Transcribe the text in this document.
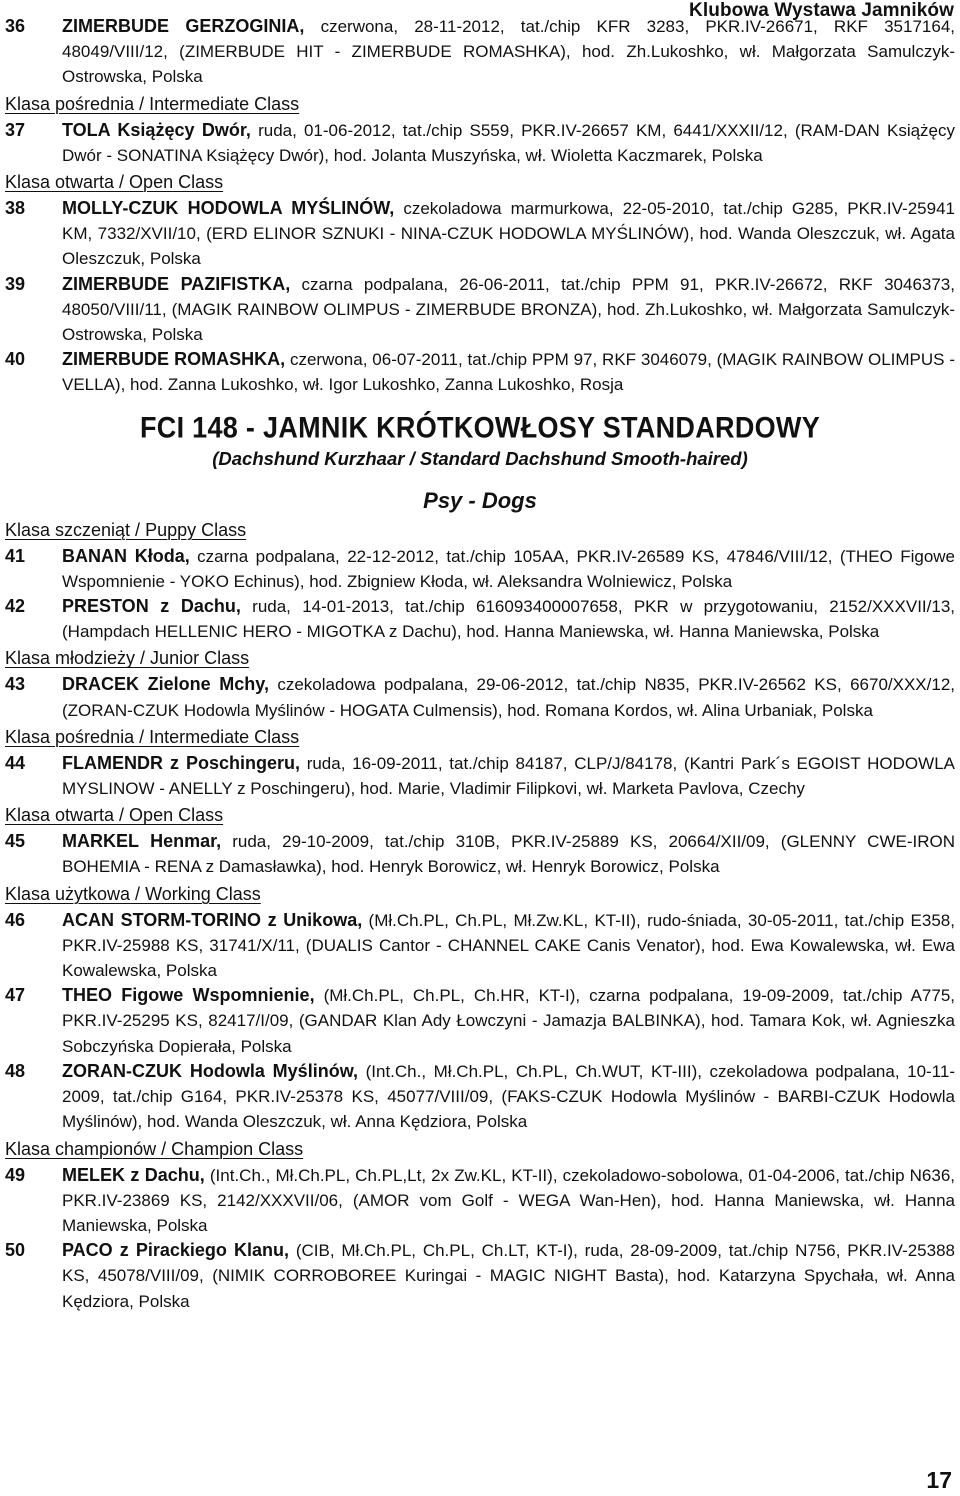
Klubowa Wystawa Jamników
36	ZIMERBUDE GERZOGINIA, czerwona, 28-11-2012, tat./chip KFR 3283, PKR.IV-26671, RKF 3517164, 48049/VIII/12, (ZIMERBUDE HIT - ZIMERBUDE ROMASHKA), hod. Zh.Lukoshko, wł. Małgorzata Samulczyk-Ostrowska, Polska
Klasa pośrednia / Intermediate Class
37	TOLA Książęcy Dwór, ruda, 01-06-2012, tat./chip S559, PKR.IV-26657 KM, 6441/XXXII/12, (RAM-DAN Książęcy Dwór - SONATINA Książęcy Dwór), hod. Jolanta Muszyńska, wł. Wioletta Kaczmarek, Polska
Klasa otwarta / Open Class
38	MOLLY-CZUK HODOWLA MYŚLINÓW, czekoladowa marmurkowa, 22-05-2010, tat./chip G285, PKR.IV-25941 KM, 7332/XVII/10, (ERD ELINOR SZNUKI - NINA-CZUK HODOWLA MYŚLINÓW), hod. Wanda Oleszczuk, wł. Agata Oleszczuk, Polska
39	ZIMERBUDE PAZIFISTKA, czarna podpalana, 26-06-2011, tat./chip PPM 91, PKR.IV-26672, RKF 3046373, 48050/VIII/11, (MAGIK RAINBOW OLIMPUS - ZIMERBUDE BRONZA), hod. Zh.Lukoshko, wł. Małgorzata Samulczyk-Ostrowska, Polska
40	ZIMERBUDE ROMASHKA, czerwona, 06-07-2011, tat./chip PPM 97, RKF 3046079, (MAGIK RAINBOW OLIMPUS - VELLA), hod. Zanna Lukoshko, wł. Igor Lukoshko, Zanna Lukoshko, Rosja
FCI 148 - JAMNIK KRÓTKOWŁOSY STANDARDOWY
(Dachshund Kurzhaar / Standard Dachshund Smooth-haired)
Psy - Dogs
Klasa szczeniąt / Puppy Class
41	BANAN Kłoda, czarna podpalana, 22-12-2012, tat./chip 105AA, PKR.IV-26589 KS, 47846/VIII/12, (THEO Figowe Wspomnienie - YOKO Echinus), hod. Zbigniew Kłoda, wł. Aleksandra Wolniewicz, Polska
42	PRESTON z Dachu, ruda, 14-01-2013, tat./chip 616093400007658, PKR w przygotowaniu, 2152/XXXVII/13, (Hampdach HELLENIC HERO - MIGOTKA z Dachu), hod. Hanna Maniewska, wł. Hanna Maniewska, Polska
Klasa młodzieży / Junior Class
43	DRACEK Zielone Mchy, czekoladowa podpalana, 29-06-2012, tat./chip N835, PKR.IV-26562 KS, 6670/XXX/12, (ZORAN-CZUK Hodowla Myślinów - HOGATA Culmensis), hod. Romana Kordos, wł. Alina Urbaniak, Polska
Klasa pośrednia / Intermediate Class
44	FLAMENDR z Poschingeru, ruda, 16-09-2011, tat./chip 84187, CLP/J/84178, (Kantri Park´s EGOIST HODOWLA MYSLINOW - ANELLY z Poschingeru), hod. Marie, Vladimir Filipkovi, wł. Marketa Pavlova, Czechy
Klasa otwarta / Open Class
45	MARKEL Henmar, ruda, 29-10-2009, tat./chip 310B, PKR.IV-25889 KS, 20664/XII/09, (GLENNY CWE-IRON BOHEMIA - RENA z Damasławka), hod. Henryk Borowicz, wł. Henryk Borowicz, Polska
Klasa użytkowa / Working Class
46	ACAN STORM-TORINO z Unikowa, (Mł.Ch.PL, Ch.PL, Mł.Zw.KL, KT-II), rudo-śniada, 30-05-2011, tat./chip E358, PKR.IV-25988 KS, 31741/X/11, (DUALIS Cantor - CHANNEL CAKE Canis Venator), hod. Ewa Kowalewska, wł. Ewa Kowalewska, Polska
47	THEO Figowe Wspomnienie, (Mł.Ch.PL, Ch.PL, Ch.HR, KT-I), czarna podpalana, 19-09-2009, tat./chip A775, PKR.IV-25295 KS, 82417/I/09, (GANDAR Klan Ady Łowczyni - Jamazja BALBINKA), hod. Tamara Kok, wł. Agnieszka Sobczyńska Dopierała, Polska
48	ZORAN-CZUK Hodowla Myślinów, (Int.Ch., Mł.Ch.PL, Ch.PL, Ch.WUT, KT-III), czekoladowa podpalana, 10-11-2009, tat./chip G164, PKR.IV-25378 KS, 45077/VIII/09, (FAKS-CZUK Hodowla Myślinów - BARBI-CZUK Hodowla Myślinów), hod. Wanda Oleszczuk, wł. Anna Kędziora, Polska
Klasa championów / Champion Class
49	MELEK z Dachu, (Int.Ch., Mł.Ch.PL, Ch.PL,Lt, 2x Zw.KL, KT-II), czekoladowo-sobolowa, 01-04-2006, tat./chip N636, PKR.IV-23869 KS, 2142/XXXVII/06, (AMOR vom Golf - WEGA Wan-Hen), hod. Hanna Maniewska, wł. Hanna Maniewska, Polska
50	PACO z Pirackiego Klanu, (CIB, Mł.Ch.PL, Ch.PL, Ch.LT, KT-I), ruda, 28-09-2009, tat./chip N756, PKR.IV-25388 KS, 45078/VIII/09, (NIMIK CORROBOREE Kuringai - MAGIC NIGHT Basta), hod. Katarzyna Spychała, wł. Anna Kędziora, Polska
17
